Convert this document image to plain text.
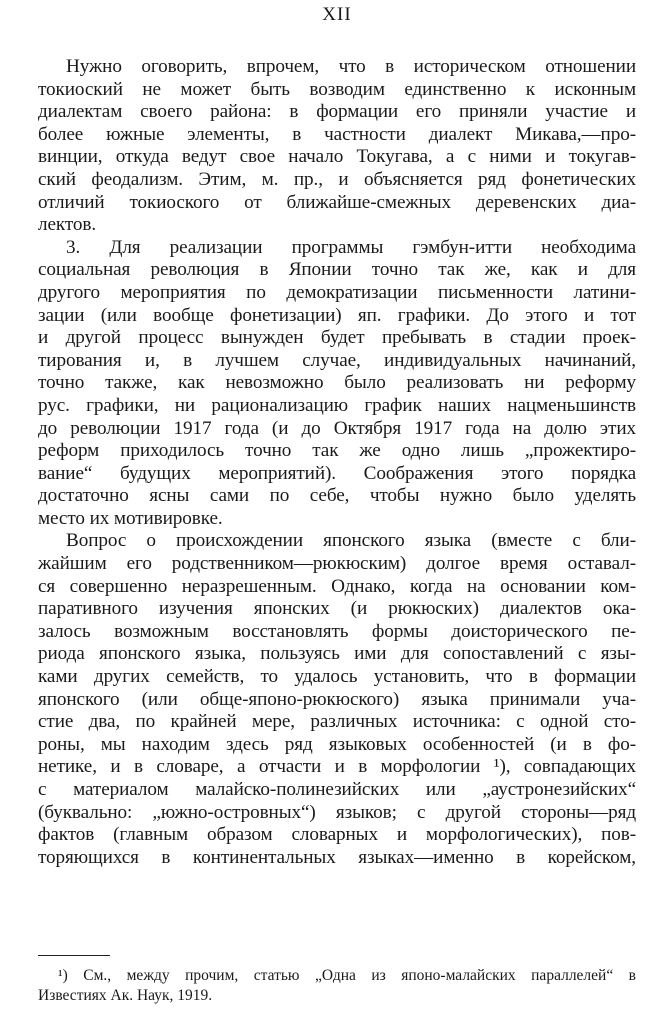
XII

Нужно оговорить, впрочем, что в историческом отношении
токиоский не может быть возводим единственно к исконным
диалектам своего района: в формации его приняли участие и
более южные элементы, в частности диалект Микава,—про-
винции, откуда ведут свое начало Токугава, а с ними и токугав-
ский феодализм. Этим, м. пр., и объясняется ряд фонетических
отличий токиоского от ближайше-смежных деревенских диа-
лектов.

3. Для реализации программы гэмбун-итти необходима
социальная революция в Японии точно так же, как и для
другого мероприятия по демократизации письменности латини-
зации (или вообще фонетизации) яп. графики. До этого и тот
и другой процесс вынужден будет пребывать в стадии проек-
тирования и, в лучшем случае, индивидуальных начинаний,
точно также, как невозможно было реализовать ни реформу
рус. графики, ни рационализацию график наших нацменьшинств
до революции 1917 года (и до Октября 1917 года на долю этих
реформ приходилось точно так же одно лишь „прожектиро-
вание“ будущих мероприятий). Соображения этого порядка
достаточно ясны сами по себе, чтобы нужно было уделять
место их мотивировке.

Вопрос о происхождении японского языка (вместе с бли-
жайшим его родственником—рюкюским) долгое время оставал-
ся совершенно неразрешенным. Однако, когда на основании ком-
паративного изучения японских (и рюкюских) диалектов ока-
залось возможным восстановлять формы доисторического пе-
риода японского языка, пользуясь ими для сопоставлений с язы-
ками других семейств, то удалось установить, что в формации
японского (или обще-японо-рюкюского) языка принимали уча-
стие два, по крайней мере, различных источника: с одной сто-
роны, мы находим здесь ряд языковых особенностей (и в фо-
нетике, и в словаре, а отчасти и в морфологии ¹), совпадающих
с материалом малайско-полинезийских или „аустронезийских“
(буквально: „южно-островных“) языков; с другой стороны—ряд
фактов (главным образом словарных и морфологических), пов-
торяющихся в континентальных языках—именно в корейском,

¹) См., между прочим, статью „Одна из японо-малайских параллелей“ в
Известиях Ак. Наук, 1919.
